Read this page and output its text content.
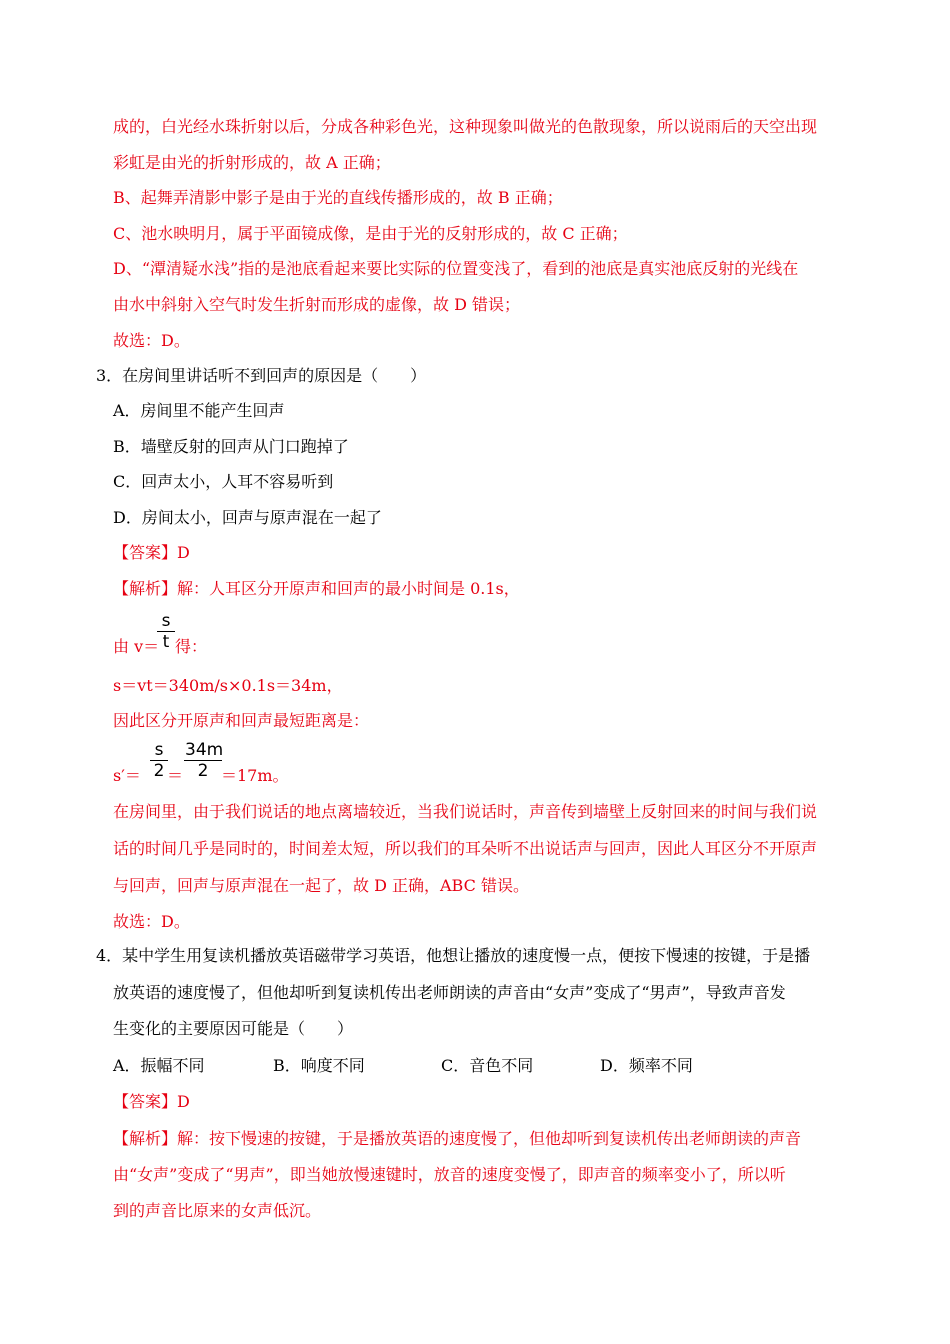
成的，白光经水珠折射以后，分成各种彩色光，这种现象叫做光的色散现象，所以说雨后的天空出现
彩虹是由光的折射形成的，故 A 正确；
B、起舞弄清影中影子是由于光的直线传播形成的，故 B 正确；
C、池水映明月，属于平面镜成像，是由于光的反射形成的，故 C 正确；
D、“潭清疑水浅”指的是池底看起来要比实际的位置变浅了，看到的池底是真实池底反射的光线在
由水中斜射入空气时发生折射而形成的虚像，故 D 错误；
故选：D。
3．在房间里讲话听不到回声的原因是（　　）
A．房间里不能产生回声
B．墙壁反射的回声从门口跑掉了
C．回声太小，人耳不容易听到
D．房间太小，回声与原声混在一起了
【答案】D
【解析】解：人耳区分开原声和回声的最小时间是 0.1s，
由 v＝
$\frac{s}{t}$ 得：
s＝vt＝340m/s×0.1s＝34m，
因此区分开原声和回声最短距离是：
$s'= \frac{s}{2} = \frac{34m}{2} =17m$。
在房间里，由于我们说话的地点离墙较近，当我们说话时，声音传到墙壁上反射回来的时间与我们说
话的时间几乎是同时的，时间差太短，所以我们的耳朵听不出说话声与回声，因此人耳区分不开原声
与回声，回声与原声混在一起了，故 D 正确，ABC 错误。
故选：D。
4．某中学生用复读机播放英语磁带学习英语，他想让播放的速度慢一点，便按下慢速的按键，于是播
放英语的速度慢了，但他却听到复读机传出老师朗读的声音由“女声”变成了“男声”，导致声音发
生变化的主要原因可能是（　　）
A．振幅不同	B．响度不同	C．音色不同	D．频率不同
【答案】D
【解析】解：按下慢速的按键，于是播放英语的速度慢了，但他却听到复读机传出老师朗读的声音
由“女声”变成了“男声”，即当她放慢速键时，放音的速度变慢了，即声音的频率变小了，所以听
到的声音比原来的女声低沉。
